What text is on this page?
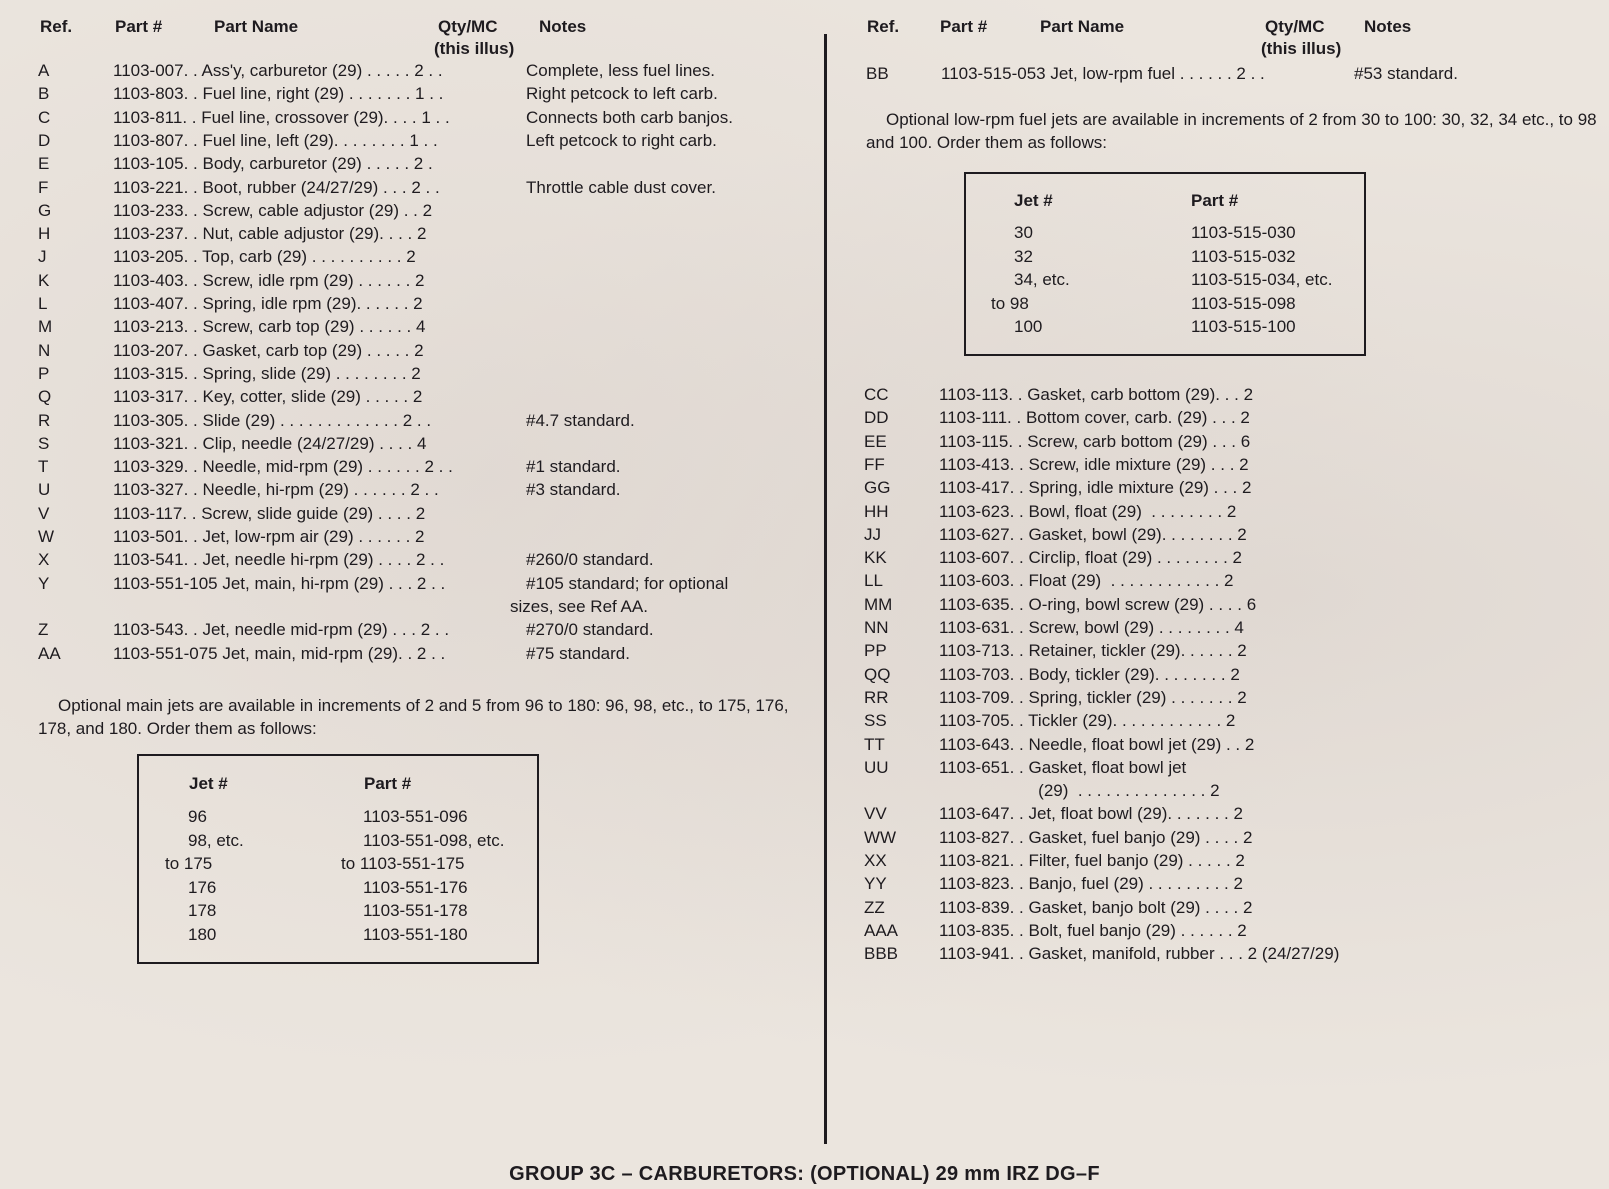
Ref.	Part #	Part Name	Qty/MC
(this illus)
Notes
A	1103-007. . Ass'y, carburetor (29) . . . . . 2 . .	Complete, less fuel lines.
B	1103-803. . Fuel line, right (29) . . . . . . . 1 . .	Right petcock to left carb.
C	1103-811. . Fuel line, crossover (29). . . . 1 . .	Connects both carb banjos.
D	1103-807. . Fuel line, left (29). . . . . . . . 1 . .	Left petcock to right carb.
E	1103-105. . Body, carburetor (29) . . . . . 2 .
F	1103-221. . Boot, rubber (24/27/29) . . . 2 . .	Throttle cable dust cover.
G	1103-233. . Screw, cable adjustor (29) . . 2
H	1103-237. . Nut, cable adjustor (29). . . . 2
J	1103-205. . Top, carb (29) . . . . . . . . . . 2
K	1103-403. . Screw, idle rpm (29) . . . . . . 2
L	1103-407. . Spring, idle rpm (29). . . . . . 2
M	1103-213. . Screw, carb top (29) . . . . . . 4
N	1103-207. . Gasket, carb top (29) . . . . . 2
P	1103-315. . Spring, slide (29) . . . . . . . . 2
Q	1103-317. . Key, cotter, slide (29) . . . . . 2
R	1103-305. . Slide (29) . . . . . . . . . . . . . 2 . .	#4.7 standard.
S	1103-321. . Clip, needle (24/27/29) . . . . 4
T	1103-329. . Needle, mid-rpm (29) . . . . . . 2 . .	#1 standard.
U	1103-327. . Needle, hi-rpm (29) . . . . . . 2 . .	#3 standard.
V	1103-117. . Screw, slide guide (29) . . . . 2
W	1103-501. . Jet, low-rpm air (29) . . . . . . 2
X	1103-541. . Jet, needle hi-rpm (29) . . . . 2 . .	#260/0 standard.
Y	1103-551-105 Jet, main, hi-rpm (29) . . . 2 . .	#105 standard; for optional
sizes, see Ref AA.
Z	1103-543. . Jet, needle mid-rpm (29) . . . 2 . .	#270/0 standard.
AA	1103-551-075 Jet, main, mid-rpm (29). . 2 . .	#75 standard.
Optional main jets are available in increments of 2 and 5 from 96 to 180: 96, 98, etc., to 175, 176, 178, and 180. Order them as follows:
Jet #	Part #
96	1103-551-096
98, etc.	1103-551-098, etc.
to 175	to 1103-551-175
176	1103-551-176
178	1103-551-178
180	1103-551-180
Ref. Part #	Part Name	Qty/MC
(this illus)
Notes
BB	1103-515-053 Jet, low-rpm fuel . . . . . . 2 . .	#53 standard.
Optional low-rpm fuel jets are available in increments of 2 from 30 to 100: 30, 32, 34 etc., to 98 and 100. Order them as follows:
Jet #	Part #
30	1103-515-030
32	1103-515-032
34, etc.	1103-515-034, etc.
to 98	1103-515-098
100	1103-515-100
CC	1103-113. . Gasket, carb bottom (29). . . 2
DD	1103-111. . Bottom cover, carb. (29) . . . 2
EE	1103-115. . Screw, carb bottom (29) . . . 6
FF	1103-413. . Screw, idle mixture (29) . . . 2
GG	1103-417. . Spring, idle mixture (29) . . . 2
HH	1103-623. . Bowl, float (29)  . . . . . . . . 2
JJ	1103-627. . Gasket, bowl (29). . . . . . . . 2
KK	1103-607. . Circlip, float (29) . . . . . . . . 2
LL	1103-603. . Float (29)  . . . . . . . . . . . . 2
MM	1103-635. . O-ring, bowl screw (29) . . . . 6
NN	1103-631. . Screw, bowl (29) . . . . . . . . 4
PP	1103-713. . Retainer, tickler (29). . . . . . 2
QQ	1103-703. . Body, tickler (29). . . . . . . . 2
RR	1103-709. . Spring, tickler (29) . . . . . . . 2
SS	1103-705. . Tickler (29). . . . . . . . . . . . 2
TT	1103-643. . Needle, float bowl jet (29) . . 2
UU	1103-651. . Gasket, float bowl jet
(29)  . . . . . . . . . . . . . . 2
VV	1103-647. . Jet, float bowl (29). . . . . . . 2
WW	1103-827. . Gasket, fuel banjo (29) . . . . 2
XX	1103-821. . Filter, fuel banjo (29) . . . . . 2
YY	1103-823. . Banjo, fuel (29) . . . . . . . . . 2
ZZ	1103-839. . Gasket, banjo bolt (29) . . . . 2
AAA 1103-835. . Bolt, fuel banjo (29) . . . . . . 2
BBB 1103-941. . Gasket, manifold, rubber . . . 2 (24/27/29)
GROUP 3C – CARBURETORS: (OPTIONAL) 29 mm IRZ DG–F
